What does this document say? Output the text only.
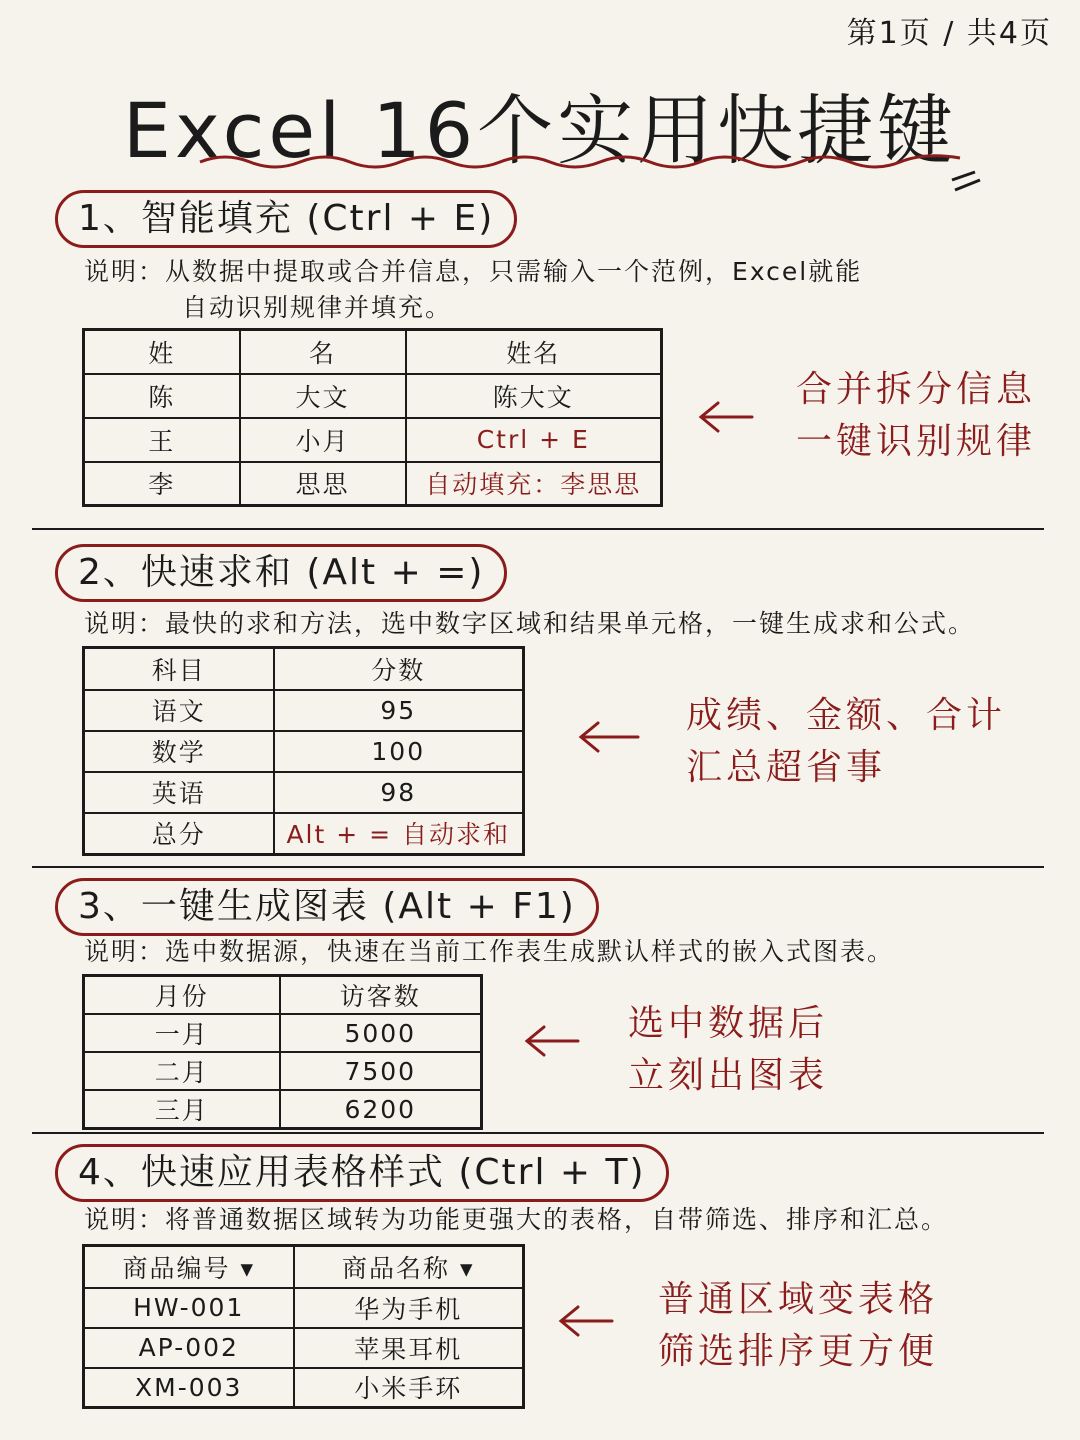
第1页 / 共4页
Excel 16个实用快捷键
1、智能填充 (Ctrl + E)
说明：从数据中提取或合并信息，只需输入一个范例，Excel就能
自动识别规律并填充。
姓	名	姓名
陈	大文	陈大文
王	小月	Ctrl + E
李	思思	自动填充：李思思
合并拆分信息
一键识别规律
2、快速求和 (Alt + =)
说明：最快的求和方法，选中数字区域和结果单元格，一键生成求和公式。
科目	分数
语文	95
数学	100
英语	98
总分	Alt + = 自动求和
成绩、金额、合计
汇总超省事
3、一键生成图表 (Alt + F1)
说明：选中数据源，快速在当前工作表生成默认样式的嵌入式图表。
月份	访客数
一月	5000
二月	7500
三月	6200
选中数据后
立刻出图表
4、快速应用表格样式 (Ctrl + T)
说明：将普通数据区域转为功能更强大的表格，自带筛选、排序和汇总。
商品编号 ▾	商品名称 ▾
HW-001	华为手机
AP-002	苹果耳机
XM-003	小米手环
普通区域变表格
筛选排序更方便
